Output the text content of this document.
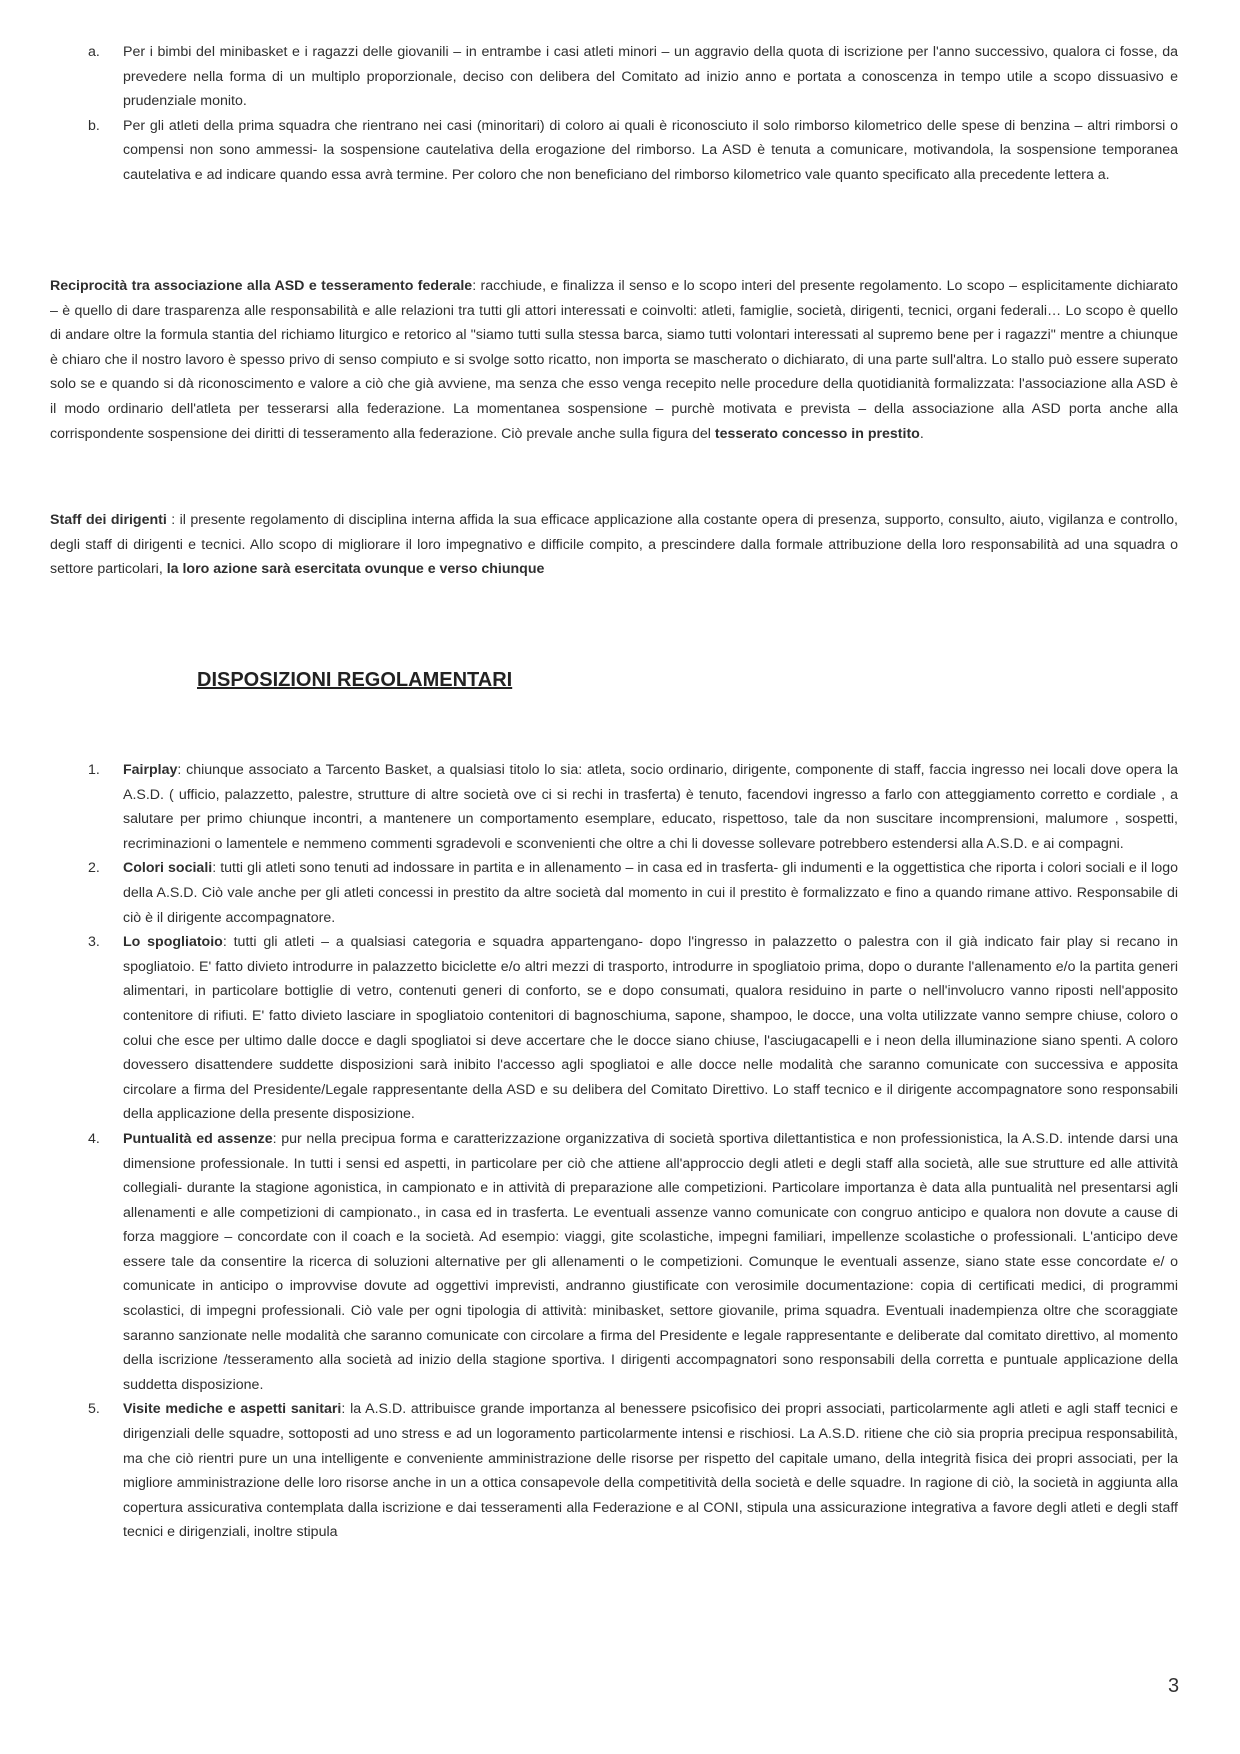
a. Per i bimbi del minibasket e i ragazzi delle giovanili – in entrambe i casi atleti minori – un aggravio della quota di iscrizione per l'anno successivo, qualora ci fosse, da prevedere nella forma di un multiplo proporzionale, deciso con delibera del Comitato ad inizio anno e portata a conoscenza in tempo utile a scopo dissuasivo e prudenziale monito.

b. Per gli atleti della prima squadra che rientrano nei casi (minoritari) di coloro ai quali è riconosciuto il solo rimborso kilometrico delle spese di benzina – altri rimborsi o compensi non sono ammessi- la sospensione cautelativa della erogazione del rimborso. La ASD è tenuta a comunicare, motivandola, la sospensione temporanea cautelativa e ad indicare quando essa avrà termine. Per coloro che non beneficiano del rimborso kilometrico vale quanto specificato alla precedente lettera a.

Reciprocità tra associazione alla ASD e tesseramento federale: racchiude, e finalizza il senso e lo scopo interi del presente regolamento. Lo scopo – esplicitamente dichiarato – è quello di dare trasparenza alle responsabilità e alle relazioni tra tutti gli attori interessati e coinvolti: atleti, famiglie, società, dirigenti, tecnici, organi federali… Lo scopo è quello di andare oltre la formula stantia del richiamo liturgico e retorico al "siamo tutti sulla stessa barca, siamo tutti volontari interessati al supremo bene per i ragazzi" mentre a chiunque è chiaro che il nostro lavoro è spesso privo di senso compiuto e si svolge sotto ricatto, non importa se mascherato o dichiarato, di una parte sull'altra. Lo stallo può essere superato solo se e quando si dà riconoscimento e valore a ciò che già avviene, ma senza che esso venga recepito nelle procedure della quotidianità formalizzata: l'associazione alla ASD è il modo ordinario dell'atleta per tesserarsi alla federazione. La momentanea sospensione – purchè motivata e prevista – della associazione alla ASD porta anche alla corrispondente sospensione dei diritti di tesseramento alla federazione. Ciò prevale anche sulla figura del tesserato concesso in prestito.

Staff dei dirigenti : il presente regolamento di disciplina interna affida la sua efficace applicazione alla costante opera di presenza, supporto, consulto, aiuto, vigilanza e controllo, degli staff di dirigenti e tecnici. Allo scopo di migliorare il loro impegnativo e difficile compito, a prescindere dalla formale attribuzione della loro responsabilità ad una squadra o settore particolari, la loro azione sarà esercitata ovunque e verso chiunque

DISPOSIZIONI REGOLAMENTARI
1. Fairplay: chiunque associato a Tarcento Basket, a qualsiasi titolo lo sia: atleta, socio ordinario, dirigente, componente di staff, faccia ingresso nei locali dove opera la A.S.D. ( ufficio, palazzetto, palestre, strutture di altre società ove ci si rechi in trasferta) è tenuto, facendovi ingresso a farlo con atteggiamento corretto e cordiale , a salutare per primo chiunque incontri, a mantenere un comportamento esemplare, educato, rispettoso, tale da non suscitare incomprensioni, malumore , sospetti, recriminazioni o lamentele e nemmeno commenti sgradevoli e sconvenienti che oltre a chi li dovesse sollevare potrebbero estendersi alla A.S.D. e ai compagni.

2. Colori sociali: tutti gli atleti sono tenuti ad indossare in partita e in allenamento – in casa ed in trasferta- gli indumenti e la oggettistica che riporta i colori sociali e il logo della A.S.D. Ciò vale anche per gli atleti concessi in prestito da altre società dal momento in cui il prestito è formalizzato e fino a quando rimane attivo. Responsabile di ciò è il dirigente accompagnatore.

3. Lo spogliatoio: tutti gli atleti – a qualsiasi categoria e squadra appartengano- dopo l'ingresso in palazzetto o palestra con il già indicato fair play si recano in spogliatoio. E' fatto divieto introdurre in palazzetto biciclette e/o altri mezzi di trasporto, introdurre in spogliatoio prima, dopo o durante l'allenamento e/o la partita generi alimentari, in particolare bottiglie di vetro, contenuti generi di conforto, se e dopo consumati, qualora residuino in parte o nell'involucro vanno riposti nell'apposito contenitore di rifiuti. E' fatto divieto lasciare in spogliatoio contenitori di bagnoschiuma, sapone, shampoo, le docce, una volta utilizzate vanno sempre chiuse, coloro o colui che esce per ultimo dalle docce e dagli spogliatoi si deve accertare che le docce siano chiuse, l'asciugacapelli e i neon della illuminazione siano spenti. A coloro dovessero disattendere suddette disposizioni sarà inibito l'accesso agli spogliatoi e alle docce nelle modalità che saranno comunicate con successiva e apposita circolare a firma del Presidente/Legale rappresentante della ASD e su delibera del Comitato Direttivo. Lo staff tecnico e il dirigente accompagnatore sono responsabili della applicazione della presente disposizione.

4. Puntualità ed assenze: pur nella precipua forma e caratterizzazione organizzativa di società sportiva dilettantistica e non professionistica, la A.S.D. intende darsi una dimensione professionale. In tutti i sensi ed aspetti, in particolare per ciò che attiene all'approccio degli atleti e degli staff alla società, alle sue strutture ed alle attività collegiali- durante la stagione agonistica, in campionato e in attività di preparazione alle competizioni. Particolare importanza è data alla puntualità nel presentarsi agli allenamenti e alle competizioni di campionato., in casa ed in trasferta. Le eventuali assenze vanno comunicate con congruo anticipo e qualora non dovute a cause di forza maggiore – concordate con il coach e la società. Ad esempio: viaggi, gite scolastiche, impegni familiari, impellenze scolastiche o professionali. L'anticipo deve essere tale da consentire la ricerca di soluzioni alternative per gli allenamenti o le competizioni. Comunque le eventuali assenze, siano state esse concordate e/ o comunicate in anticipo o improvvise dovute ad oggettivi imprevisti, andranno giustificate con verosimile documentazione: copia di certificati medici, di programmi scolastici, di impegni professionali. Ciò vale per ogni tipologia di attività: minibasket, settore giovanile, prima squadra. Eventuali inadempienza oltre che scoraggiate saranno sanzionate nelle modalità che saranno comunicate con circolare a firma del Presidente e legale rappresentante e deliberate dal comitato direttivo, al momento della iscrizione /tesseramento alla società ad inizio della stagione sportiva. I dirigenti accompagnatori sono responsabili della corretta e puntuale applicazione della suddetta disposizione.

5. Visite mediche e aspetti sanitari: la A.S.D. attribuisce grande importanza al benessere psicofisico dei propri associati, particolarmente agli atleti e agli staff tecnici e dirigenziali delle squadre, sottoposti ad uno stress e ad un logoramento particolarmente intensi e rischiosi. La A.S.D. ritiene che ciò sia propria precipua responsabilità, ma che ciò rientri pure un una intelligente e conveniente amministrazione delle risorse per rispetto del capitale umano, della integrità fisica dei propri associati, per la migliore amministrazione delle loro risorse anche in un a ottica consapevole della competitività della società e delle squadre. In ragione di ciò, la società in aggiunta alla copertura assicurativa contemplata dalla iscrizione e dai tesseramenti alla Federazione e al CONI, stipula una assicurazione integrativa a favore degli atleti e degli staff tecnici e dirigenziali, inoltre stipula

3
